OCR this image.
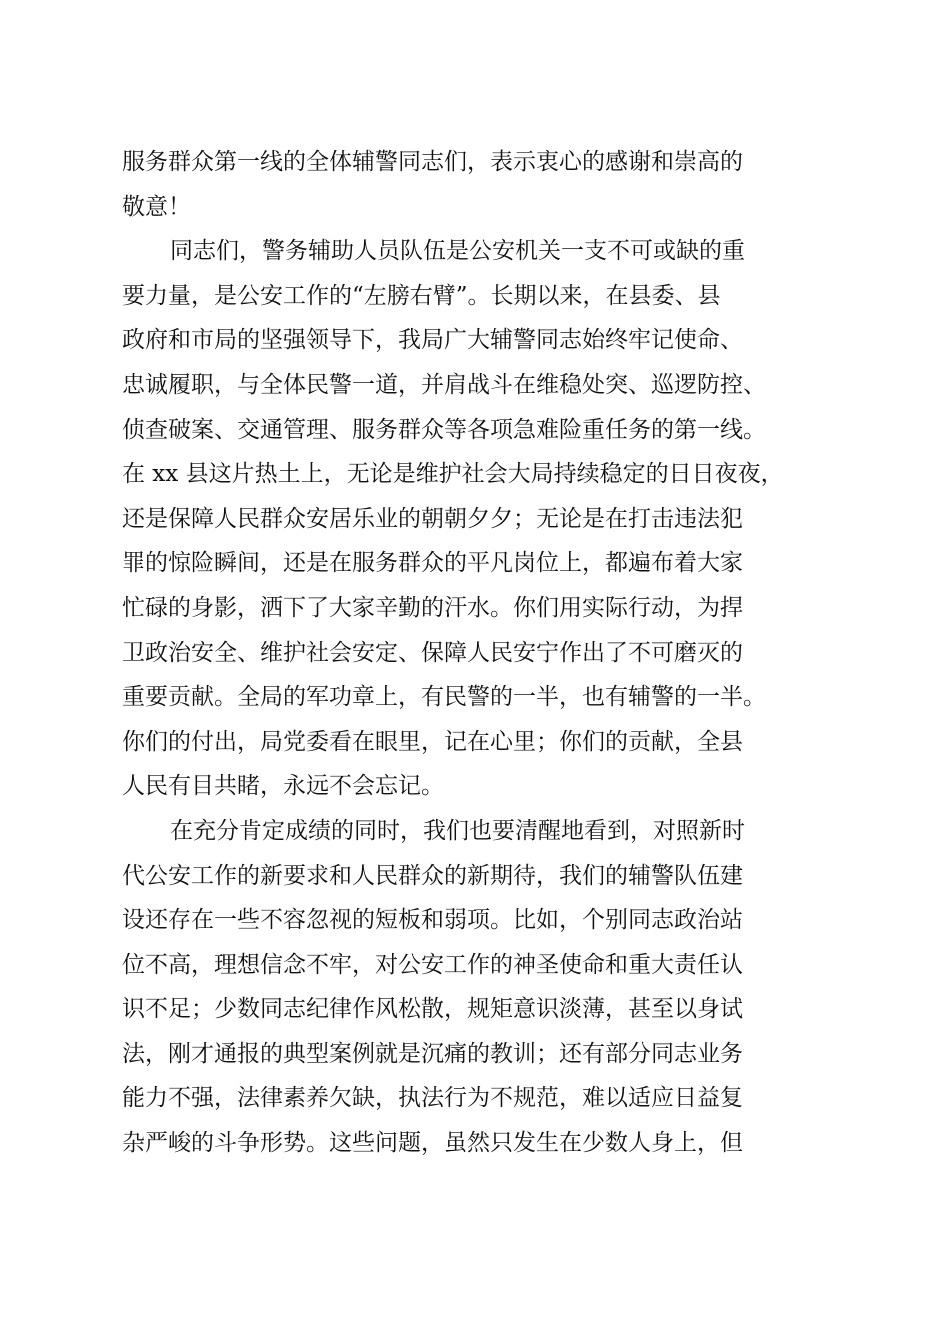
服务群众第一线的全体辅警同志们，表示衷心的感谢和崇高的
敬意！
同志们，警务辅助人员队伍是公安机关一支不可或缺的重
要力量，是公安工作的“左膀右臂”。长期以来，在县委、县
政府和市局的坚强领导下，我局广大辅警同志始终牢记使命、
忠诚履职，与全体民警一道，并肩战斗在维稳处突、巡逻防控、
侦查破案、交通管理、服务群众等各项急难险重任务的第一线。
在 xx 县这片热土上，无论是维护社会大局持续稳定的日日夜夜，
还是保障人民群众安居乐业的朝朝夕夕；无论是在打击违法犯
罪的惊险瞬间，还是在服务群众的平凡岗位上，都遍布着大家
忙碌的身影，洒下了大家辛勤的汗水。你们用实际行动，为捍
卫政治安全、维护社会安定、保障人民安宁作出了不可磨灭的
重要贡献。全局的军功章上，有民警的一半，也有辅警的一半。
你们的付出，局党委看在眼里，记在心里；你们的贡献，全县
人民有目共睹，永远不会忘记。
在充分肯定成绩的同时，我们也要清醒地看到，对照新时
代公安工作的新要求和人民群众的新期待，我们的辅警队伍建
设还存在一些不容忽视的短板和弱项。比如，个别同志政治站
位不高，理想信念不牢，对公安工作的神圣使命和重大责任认
识不足；少数同志纪律作风松散，规矩意识淡薄，甚至以身试
法，刚才通报的典型案例就是沉痛的教训；还有部分同志业务
能力不强，法律素养欠缺，执法行为不规范，难以适应日益复
杂严峻的斗争形势。这些问题，虽然只发生在少数人身上，但
